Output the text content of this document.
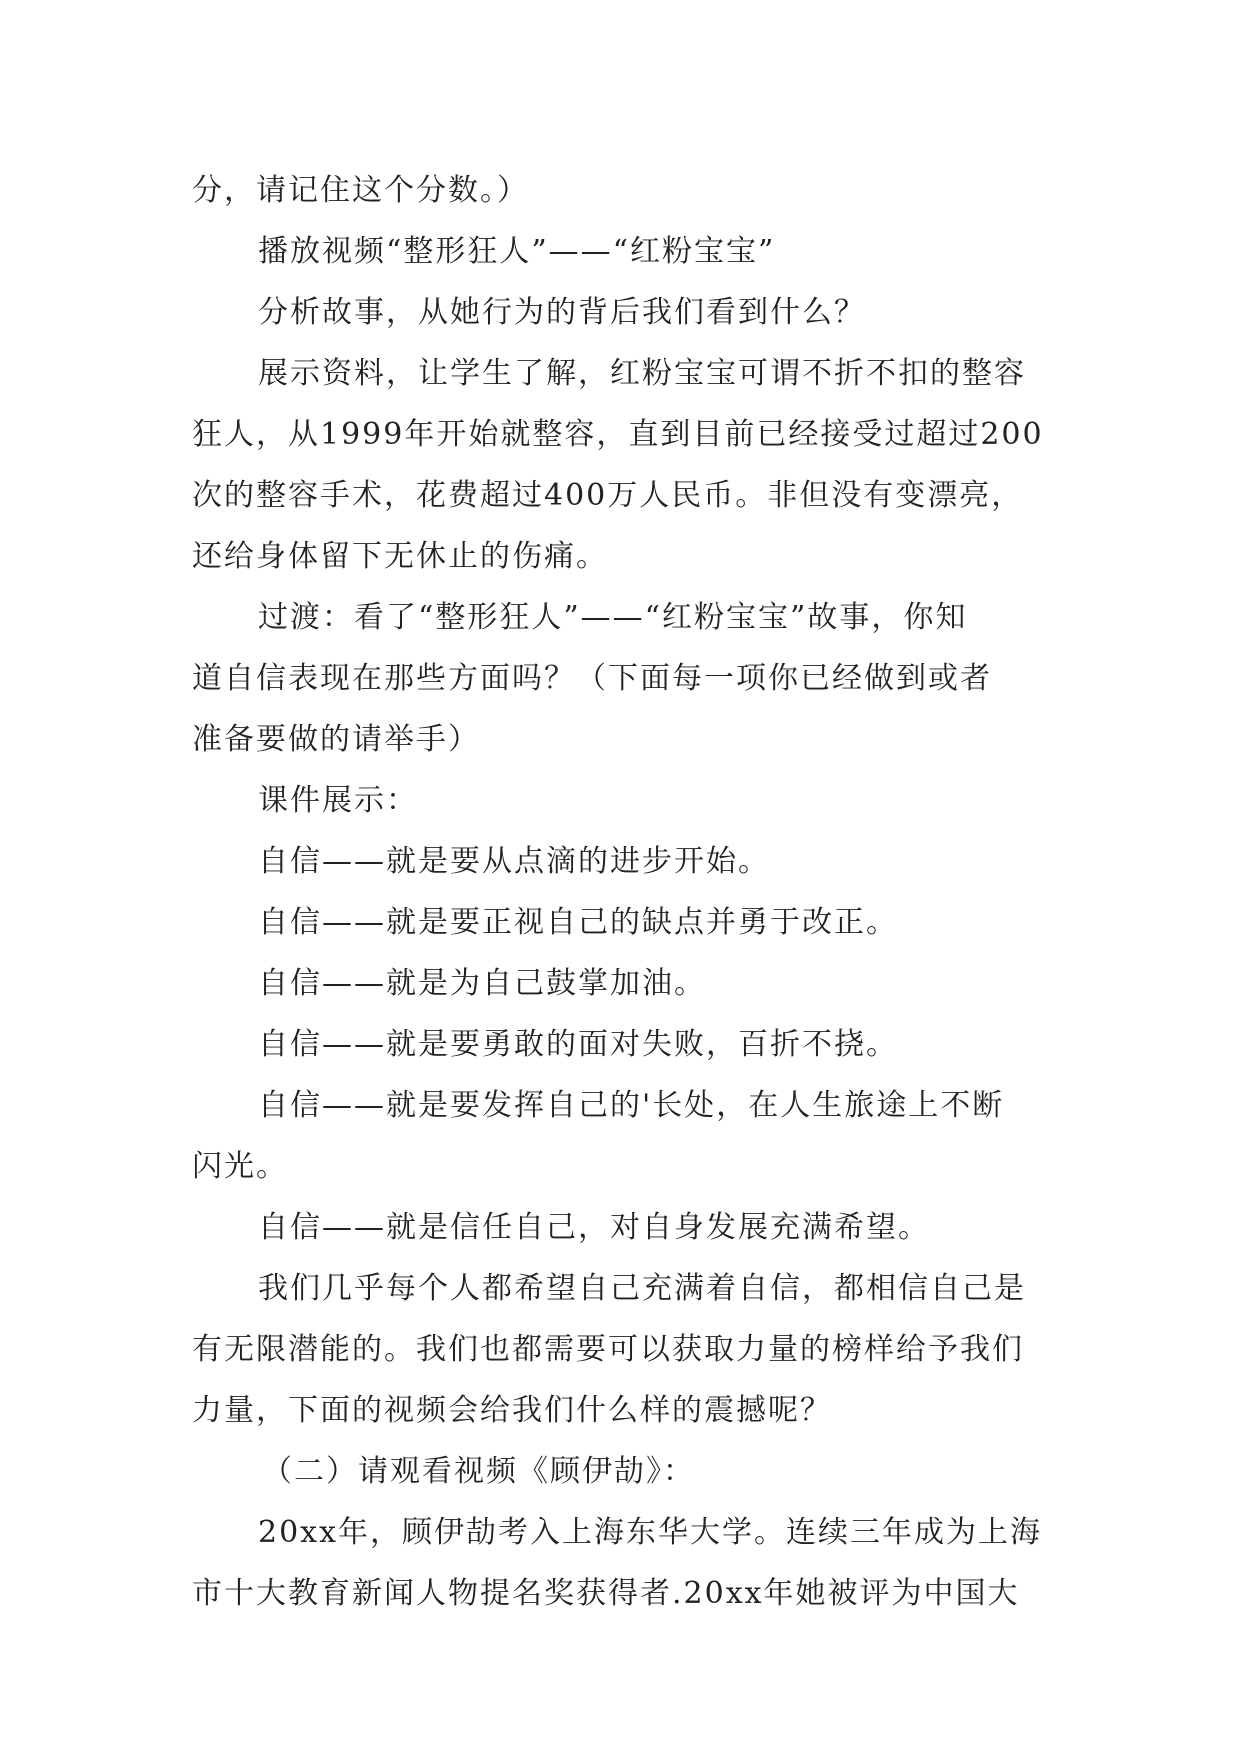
分，请记住这个分数。）
播放视频“整形狂人”——“红粉宝宝”
分析故事，从她行为的背后我们看到什么？
展示资料，让学生了解，红粉宝宝可谓不折不扣的整容
狂人，从1999年开始就整容，直到目前已经接受过超过200
次的整容手术，花费超过400万人民币。非但没有变漂亮，
还给身体留下无休止的伤痛。
过渡：看了“整形狂人”——“红粉宝宝”故事，你知
道自信表现在那些方面吗？（下面每一项你已经做到或者
准备要做的请举手）
课件展示：
自信——就是要从点滴的进步开始。
自信——就是要正视自己的缺点并勇于改正。
自信——就是为自己鼓掌加油。
自信——就是要勇敢的面对失败，百折不挠。
自信——就是要发挥自己的'长处，在人生旅途上不断
闪光。
自信——就是信任自己，对自身发展充满希望。
我们几乎每个人都希望自己充满着自信，都相信自己是
有无限潜能的。我们也都需要可以获取力量的榜样给予我们
力量，下面的视频会给我们什么样的震撼呢？
（二）请观看视频《顾伊劼》：
20xx年，顾伊劼考入上海东华大学。连续三年成为上海
市十大教育新闻人物提名奖获得者.20xx年她被评为中国大
